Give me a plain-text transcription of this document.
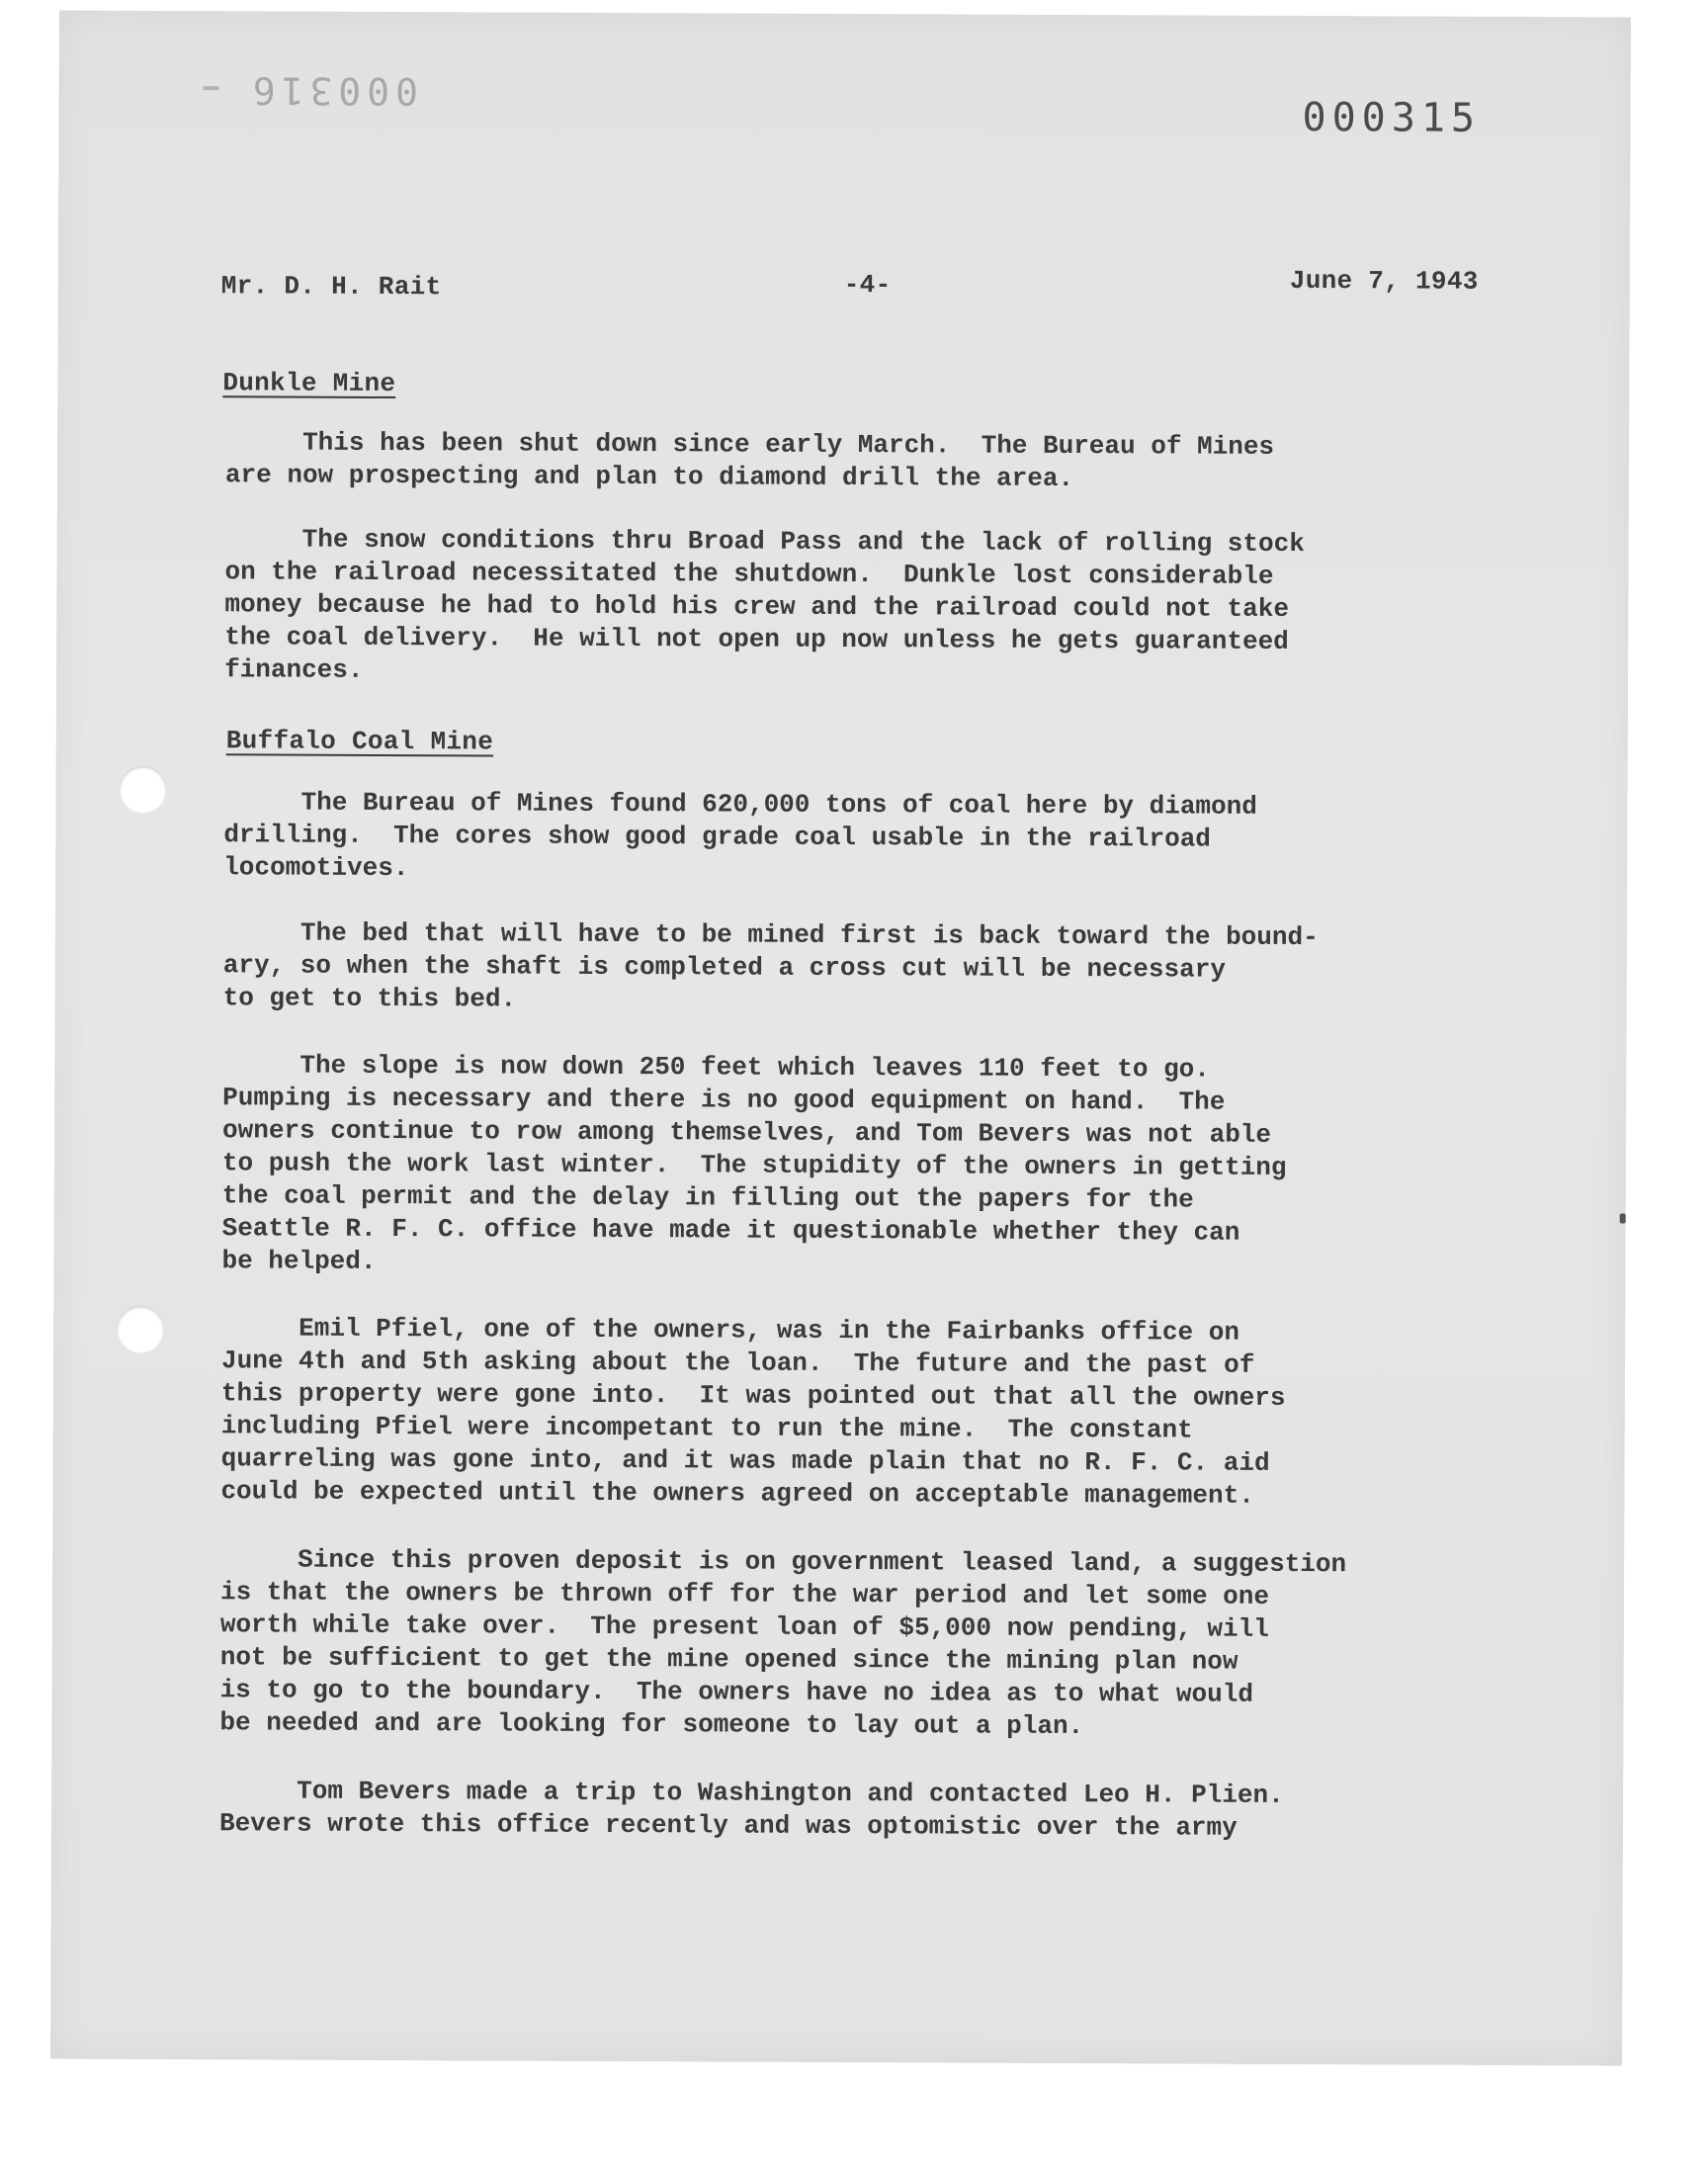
000316
000315
Mr. D. H. Rait	-4-	June 7, 1943
Dunkle Mine
This has been shut down since early March.  The Bureau of Mines
are now prospecting and plan to diamond drill the area.
The snow conditions thru Broad Pass and the lack of rolling stock
on the railroad necessitated the shutdown.  Dunkle lost considerable
money because he had to hold his crew and the railroad could not take
the coal delivery.  He will not open up now unless he gets guaranteed
finances.
Buffalo Coal Mine
The Bureau of Mines found 620,000 tons of coal here by diamond
drilling.  The cores show good grade coal usable in the railroad
locomotives.
The bed that will have to be mined first is back toward the bound-
ary, so when the shaft is completed a cross cut will be necessary
to get to this bed.
The slope is now down 250 feet which leaves 110 feet to go.
Pumping is necessary and there is no good equipment on hand.  The
owners continue to row among themselves, and Tom Bevers was not able
to push the work last winter.  The stupidity of the owners in getting
the coal permit and the delay in filling out the papers for the
Seattle R. F. C. office have made it questionable whether they can
be helped.
Emil Pfiel, one of the owners, was in the Fairbanks office on
June 4th and 5th asking about the loan.  The future and the past of
this property were gone into.  It was pointed out that all the owners
including Pfiel were incompetant to run the mine.  The constant
quarreling was gone into, and it was made plain that no R. F. C. aid
could be expected until the owners agreed on acceptable management.
Since this proven deposit is on government leased land, a suggestion
is that the owners be thrown off for the war period and let some one
worth while take over.  The present loan of $5,000 now pending, will
not be sufficient to get the mine opened since the mining plan now
is to go to the boundary.  The owners have no idea as to what would
be needed and are looking for someone to lay out a plan.
Tom Bevers made a trip to Washington and contacted Leo H. Plien.
Bevers wrote this office recently and was optomistic over the army
